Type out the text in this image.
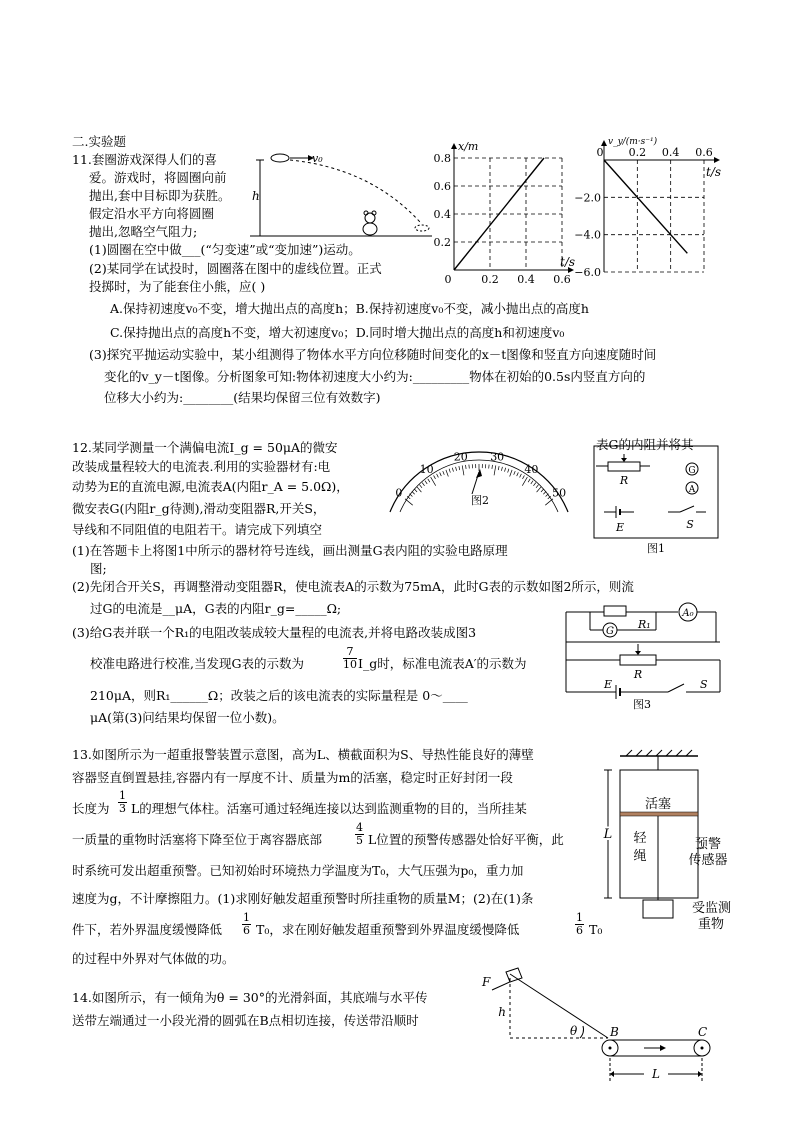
二.实验题
11.套圈游戏深得人们的喜
爱。游戏时，将圆圈向前
抛出,套中目标即为获胜。
假定沿水平方向将圆圈
抛出,忽略空气阻力;
(1)圆圈在空中做___(“匀变速”或“变加速”)运动。
(2)某同学在试投时，圆圈落在图中的虚线位置。正式
投掷时，为了能套住小熊，应( )
A.保持初速度v₀不变，增大抛出点的高度h；B.保持初速度v₀不变，减小抛出点的高度h
C.保持抛出点的高度h不变，增大初速度v₀；D.同时增大抛出点的高度h和初速度v₀
(3)探究平抛运动实验中，某小组测得了物体水平方向位移随时间变化的x－t图像和竖直方向速度随时间
变化的v_y－t图像。分析图象可知:物体初速度大小约为:_________物体在初始的0.5s内竖直方向的
位移大小约为:________(结果均保留三位有效数字)
v₀
h
0.2
0.4
0.6
0.8
0	0.2 0.4 0.6
x/m
t/s
0 0.2 0.4 0.6
−2.0
−4.0
−6.0
v_y/(m·s⁻¹)
t/s
12.某同学测量一个满偏电流I_g = 50μA的微安	表G的内阻并将其
改装成量程较大的电流表.利用的实验器材有:电
动势为E的直流电源,电流表A(内阻r_A = 5.0Ω)，
微安表G(内阻r_g待测),滑动变阻器R,开关S，
导线和不同阻值的电阻若干。请完成下列填空
(1)在答题卡上将图1中所示的器材符号连线，画出测量G表内阻的实验电路原理
图;
(2)先闭合开关S，再调整滑动变阻器R，使电流表A的示数为75mA，此时G表的示数如图2所示，则流
过G的电流是__μA，G表的内阻r_g=_____Ω;
(3)给G表并联一个R₁的电阻改装成较大量程的电流表,并将电路改装成图3
校准电路进行校准,当发现G表的示数为	$\frac{7}{10}$ I_g时，标准电流表A′的示数为
210μA，则R₁______Ω；改装之后的该电流表的实际量程是 0～____
μA(第(3)问结果均保留一位小数)。
0
10
20 30
40
50
图2
R
G
A
E	S
图1
R₁
G
A₀
R
E	S
图3
13.如图所示为一超重报警装置示意图，高为L、横截面积为S、导热性能良好的薄壁
容器竖直倒置悬挂,容器内有一厚度不计、质量为m的活塞，稳定时正好封闭一段
长度为 $\frac{1}{3}$ L的理想气体柱。活塞可通过轻绳连接以达到监测重物的目的，当所挂某
一质量的重物时活塞将下降至位于离容器底部	$\frac{4}{5}$ L位置的预警传感器处恰好平衡，此
时系统可发出超重预警。已知初始时环境热力学温度为T₀，大气压强为p₀，重力加
速度为g，不计摩擦阻力。(1)求刚好触发超重预警时所挂重物的质量M；(2)在(1)条
件下，若外界温度缓慢降低 $\frac{1}{6} T_0$，求在刚好触发超重预警到外界温度缓慢降低	$\frac{1}{6} T_0$
的过程中外界对气体做的功。
活塞
轻
绳
预警
传感器
L
受监测
重物
14.如图所示，有一倾角为θ = 30°的光滑斜面，其底端与水平传
送带左端通过一小段光滑的圆弧在B点相切连接，传送带沿顺时
F
h
θ	B	C
L
